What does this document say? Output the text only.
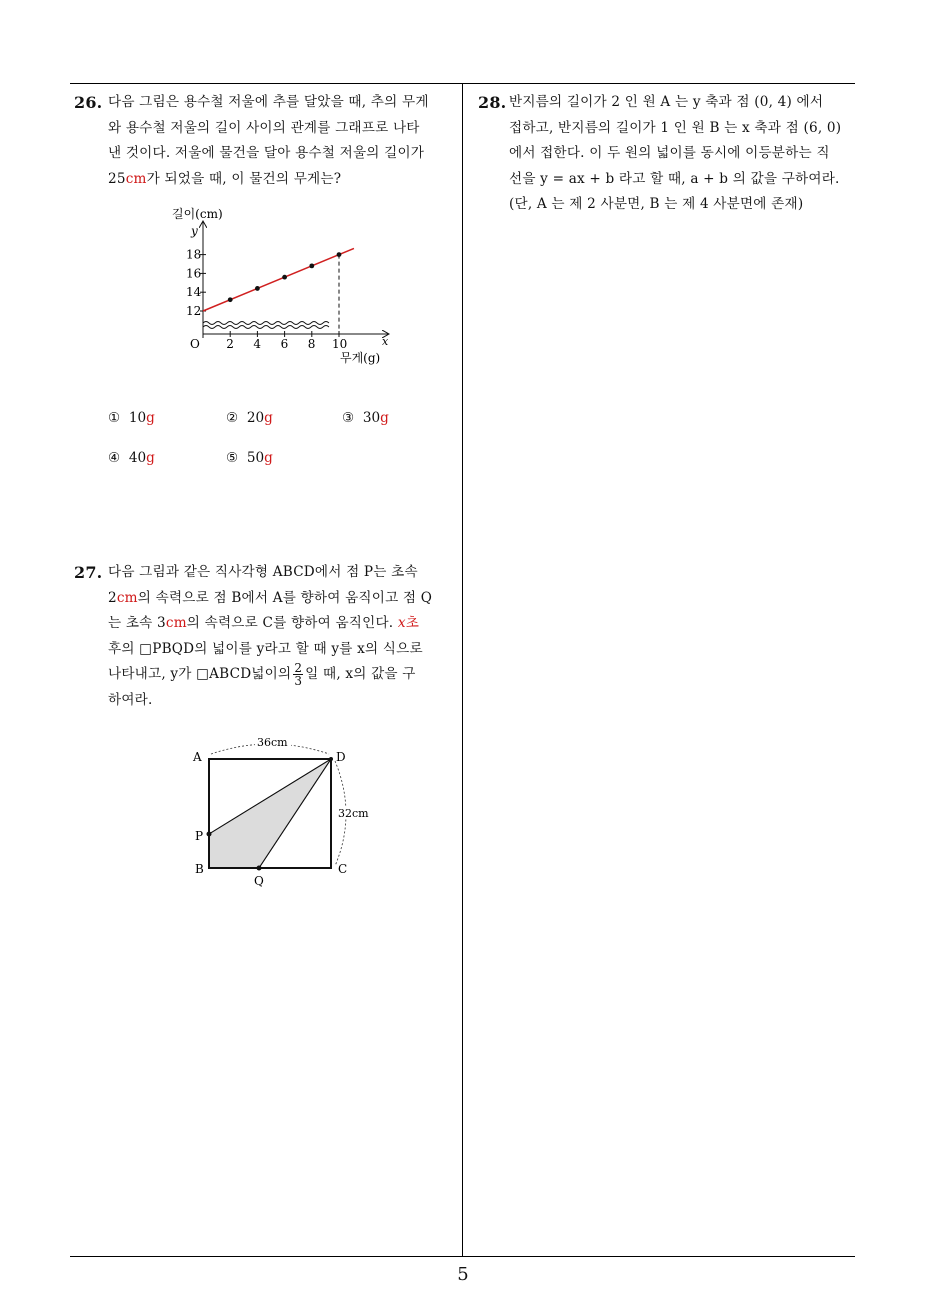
26. 다음 그림은 용수철 저울에 추를 달았을 때, 추의 무게
와 용수철 저울의 길이 사이의 관계를 그래프로 나타
낸 것이다. 저울에 물건을 달아 용수철 저울의 길이가
25cm가 되었을 때, 이 물건의 무게는?
길이(cm)
y
O	x
무게(g)
12
14
16
18
2 4 6 8 10
① 10g	② 20g	③ 30g
④ 40g	⑤ 50g
27. 다음 그림과 같은 직사각형 ABCD에서 점 P는 초속
2cm의 속력으로 점 B에서 A를 향하여 움직이고 점 Q
는 초속 3cm의 속력으로 C를 향하여 움직인다. x초
후의 □PBQD의 넓이를 y라고 할 때 y를 x의 식으로
나타내고, y가 □ABCD넓이의 $\frac{2}{3}$ 일 때, x의 값을 구
하여라.
A	D
P
B	C
Q
36cm
32cm
28. 반지름의 길이가 2 인 원 A 는 y 축과 점 (0, 4) 에서
접하고, 반지름의 길이가 1 인 원 B 는 x 축과 점 (6, 0)
에서 접한다. 이 두 원의 넓이를 동시에 이등분하는 직
선을 y = ax + b 라고 할 때, a + b 의 값을 구하여라.
(단, A 는 제 2 사분면, B 는 제 4 사분면에 존재)
5
